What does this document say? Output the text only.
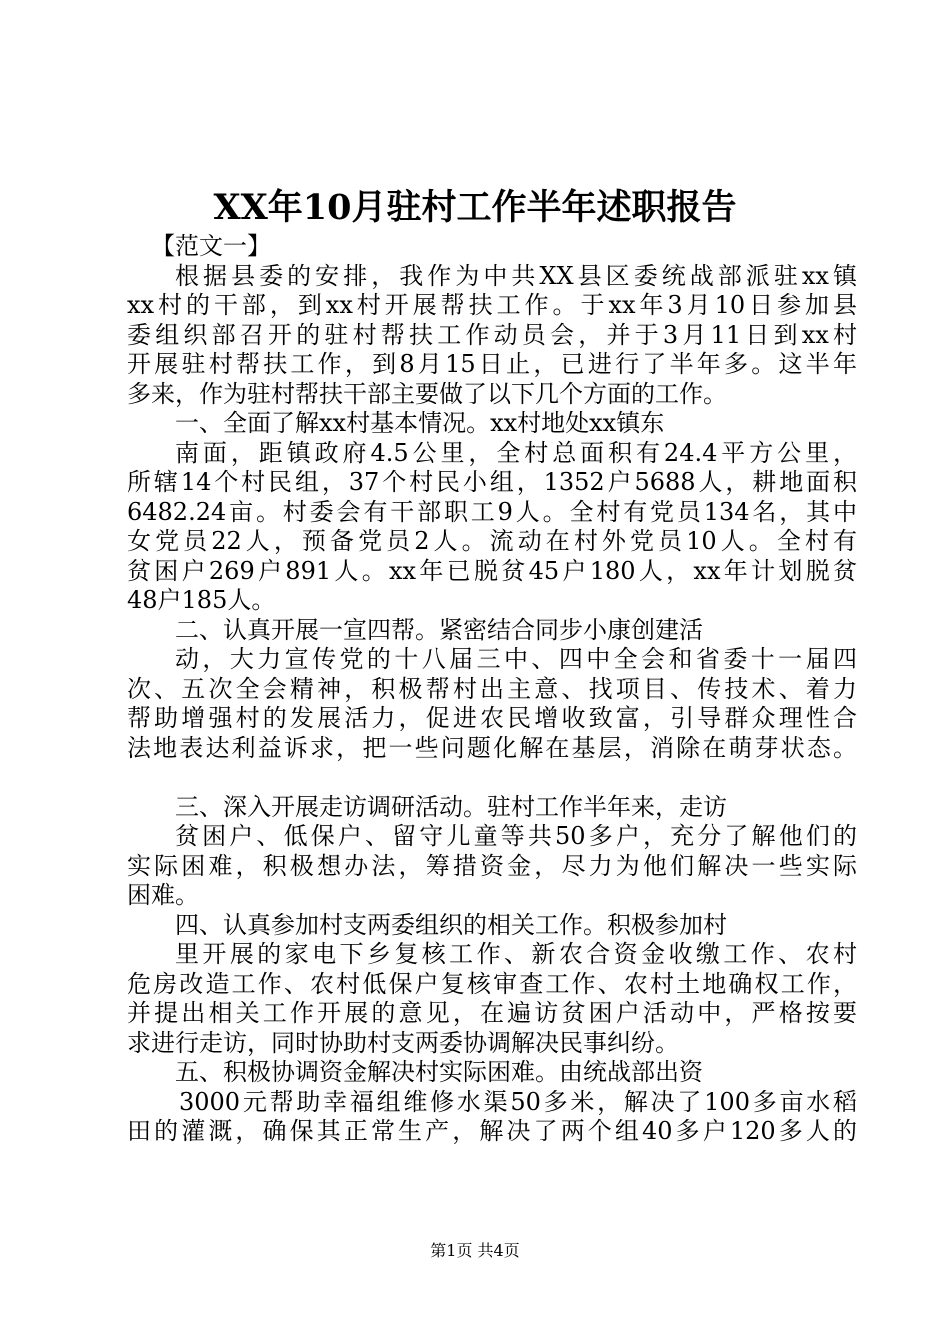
XX年10月驻村工作半年述职报告
【范文一】
根据县委的安排，我作为中共XX县区委统战部派驻xx镇
xx村的干部，到xx村开展帮扶工作。于xx年3月10日参加县
委组织部召开的驻村帮扶工作动员会，并于3月11日到xx村
开展驻村帮扶工作，到8月15日止，已进行了半年多。这半年
多来，作为驻村帮扶干部主要做了以下几个方面的工作。
一、全面了解xx村基本情况。xx村地处xx镇东
南面，距镇政府4.5公里，全村总面积有24.4平方公里，
所辖14个村民组，37个村民小组，1352户5688人，耕地面积
6482.24亩。村委会有干部职工9人。全村有党员134名，其中
女党员22人，预备党员2人。流动在村外党员10人。全村有
贫困户269户891人。xx年已脱贫45户180人，xx年计划脱贫
48户185人。
二、认真开展一宣四帮。紧密结合同步小康创建活
动，大力宣传党的十八届三中、四中全会和省委十一届四
次、五次全会精神，积极帮村出主意、找项目、传技术、着力
帮助增强村的发展活力，促进农民增收致富，引导群众理性合
法地表达利益诉求，把一些问题化解在基层，消除在萌芽状态。
三、深入开展走访调研活动。驻村工作半年来，走访
贫困户、低保户、留守儿童等共50多户，充分了解他们的
实际困难，积极想办法，筹措资金，尽力为他们解决一些实际
困难。
四、认真参加村支两委组织的相关工作。积极参加村
里开展的家电下乡复核工作、新农合资金收缴工作、农村
危房改造工作、农村低保户复核审查工作、农村土地确权工作，
并提出相关工作开展的意见，在遍访贫困户活动中，严格按要
求进行走访，同时协助村支两委协调解决民事纠纷。
五、积极协调资金解决村实际困难。由统战部出资
3000元帮助幸福组维修水渠50多米，解决了100多亩水稻
田的灌溉，确保其正常生产，解决了两个组40多户120多人的
第1页 共4页
